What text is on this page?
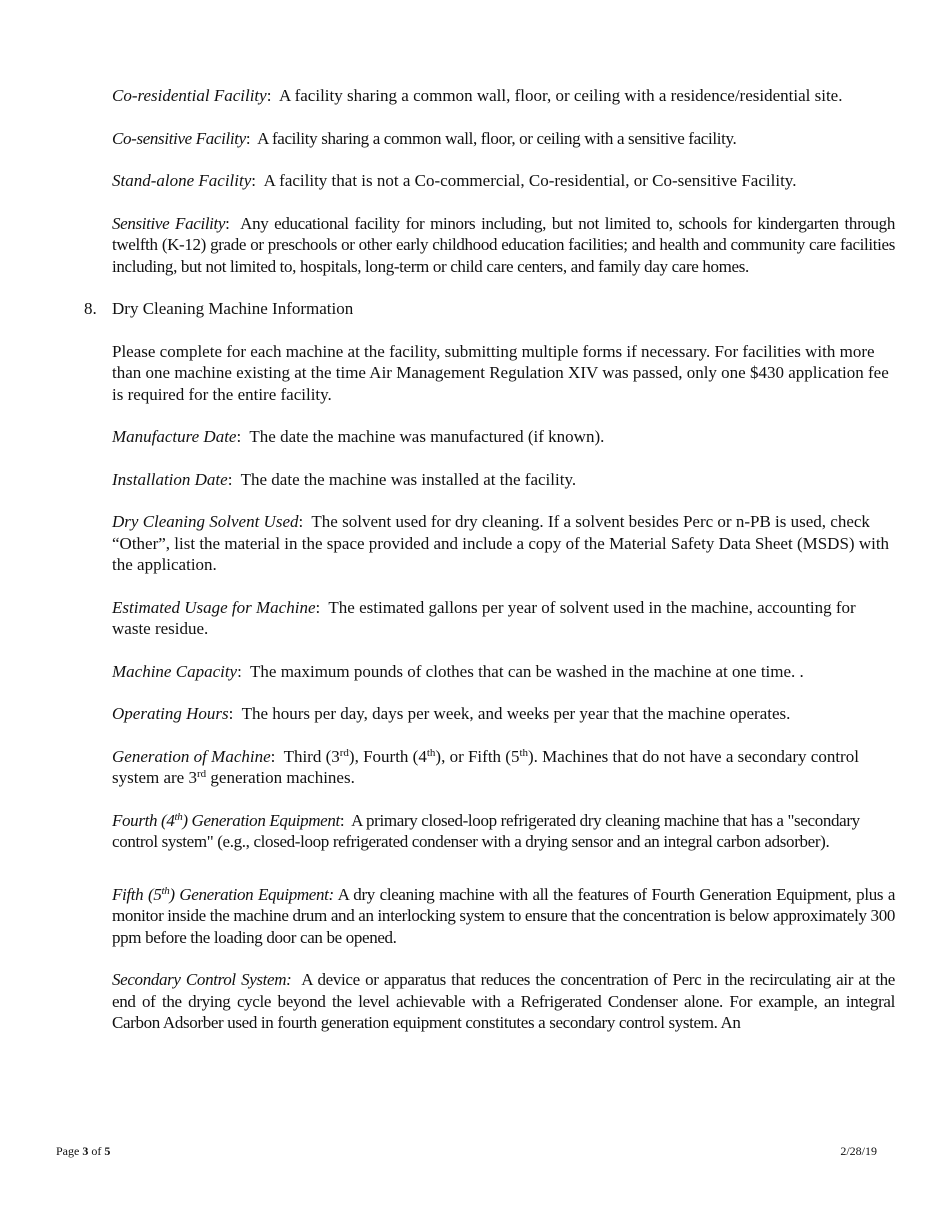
Co-residential Facility:  A facility sharing a common wall, floor, or ceiling with a residence/residential site.

Co-sensitive Facility:  A facility sharing a common wall, floor, or ceiling with a sensitive facility.

Stand-alone Facility:  A facility that is not a Co-commercial, Co-residential, or Co-sensitive Facility.

Sensitive Facility:  Any educational facility for minors including, but not limited to, schools for kindergarten through twelfth (K-12) grade or preschools or other early childhood education facilities; and health and community care facilities including, but not limited to, hospitals, long-term or child care centers, and family day care homes.

8. Dry Cleaning Machine Information

Please complete for each machine at the facility, submitting multiple forms if necessary. For facilities with more than one machine existing at the time Air Management Regulation XIV was passed, only one $430 application fee is required for the entire facility.

Manufacture Date:  The date the machine was manufactured (if known).

Installation Date:  The date the machine was installed at the facility.

Dry Cleaning Solvent Used:  The solvent used for dry cleaning. If a solvent besides Perc or n-PB is used, check “Other”, list the material in the space provided and include a copy of the Material Safety Data Sheet (MSDS) with the application.

Estimated Usage for Machine:  The estimated gallons per year of solvent used in the machine, accounting for waste residue.

Machine Capacity:  The maximum pounds of clothes that can be washed in the machine at one time. .

Operating Hours:  The hours per day, days per week, and weeks per year that the machine operates.

Generation of Machine:  Third (3rd), Fourth (4th), or Fifth (5th). Machines that do not have a secondary control system are 3rd generation machines.

Fourth (4th) Generation Equipment:  A primary closed-loop refrigerated dry cleaning machine that has a "secondary control system" (e.g., closed-loop refrigerated condenser with a drying sensor and an integral carbon adsorber).

Fifth (5th) Generation Equipment: A dry cleaning machine with all the features of Fourth Generation Equipment, plus a monitor inside the machine drum and an interlocking system to ensure that the concentration is below approximately 300 ppm before the loading door can be opened.

Secondary Control System: A device or apparatus that reduces the concentration of Perc in the recirculating air at the end of the drying cycle beyond the level achievable with a Refrigerated Condenser alone. For example, an integral Carbon Adsorber used in fourth generation equipment constitutes a secondary control system. An

Page 3 of 5	2/28/19
